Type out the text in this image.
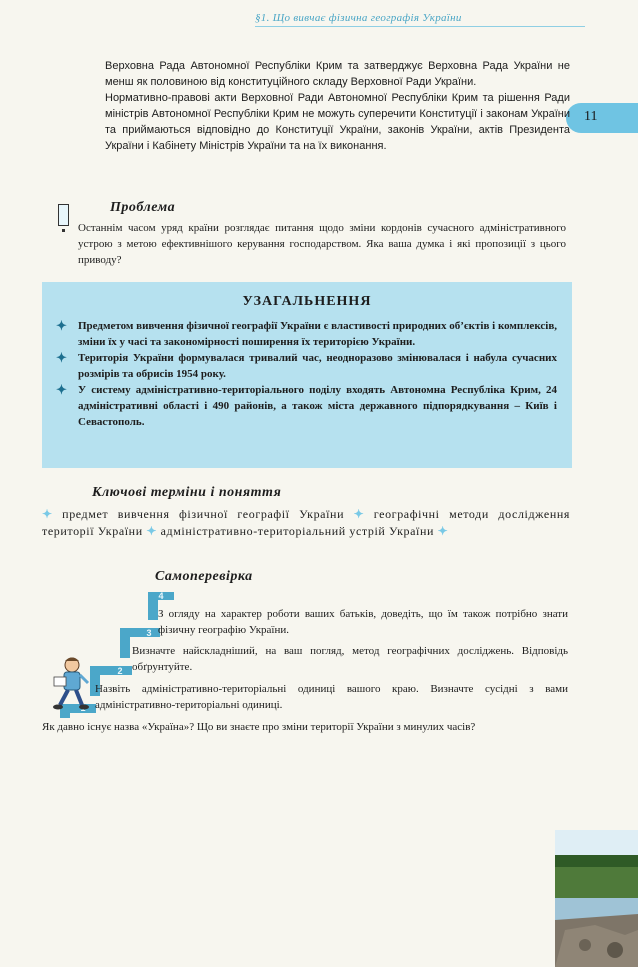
§1. Що вивчає фізична географія України
11

Верховна Рада Автономної Республіки Крим та затверджує Верховна Рада України не менш як половиною від конституційного складу Верховної Ради України.

Нормативно-правові акти Верховної Ради Автономної Республіки Крим та рішення Ради міністрів Автономної Республіки Крим не можуть суперечити Конституції і законам України та приймаються відповідно до Конституції України, законів України, актів Президента України і Кабінету Міністрів України та на їх виконання.

Проблема

Останнім часом уряд країни розглядає питання щодо зміни кордонів сучасного адміністративного устрою з метою ефективнішого керування господарством. Яка ваша думка і які пропозиції з цього приводу?

УЗАГАЛЬНЕННЯ
✦ Предметом вивчення фізичної географії України є властивості природних об’єктів і комплексів, зміни їх у часі та закономірності поширення їх територією України.
✦ Територія України формувалася тривалий час, неодноразово змінювалася і набула сучасних розмірів та обрисів 1954 року.
✦ У систему адміністративно-територіального поділу входять Автономна Республіка Крим, 24 адміністративні області і 490 районів, а також міста державного підпорядкування – Київ і Севастополь.
Ключові терміни і поняття

✦ предмет вивчення фізичної географії України ✦ географічні методи дослідження території України ✦ адміністративно-територіальний устрій України ✦

Самоперевірка
4
3
2

З огляду на характер роботи ваших батьків, доведіть, що їм також потрібно знати фізичну географію України.

Визначте найскладніший, на ваш погляд, метод географічних досліджень. Відповідь обґрунтуйте.

Назвіть адміністративно-територіальні одиниці вашого краю. Визначте сусідні з вами адміністративно-територіальні одиниці.

Як давно існує назва «Україна»? Що ви знаєте про зміни території України з минулих часів?
